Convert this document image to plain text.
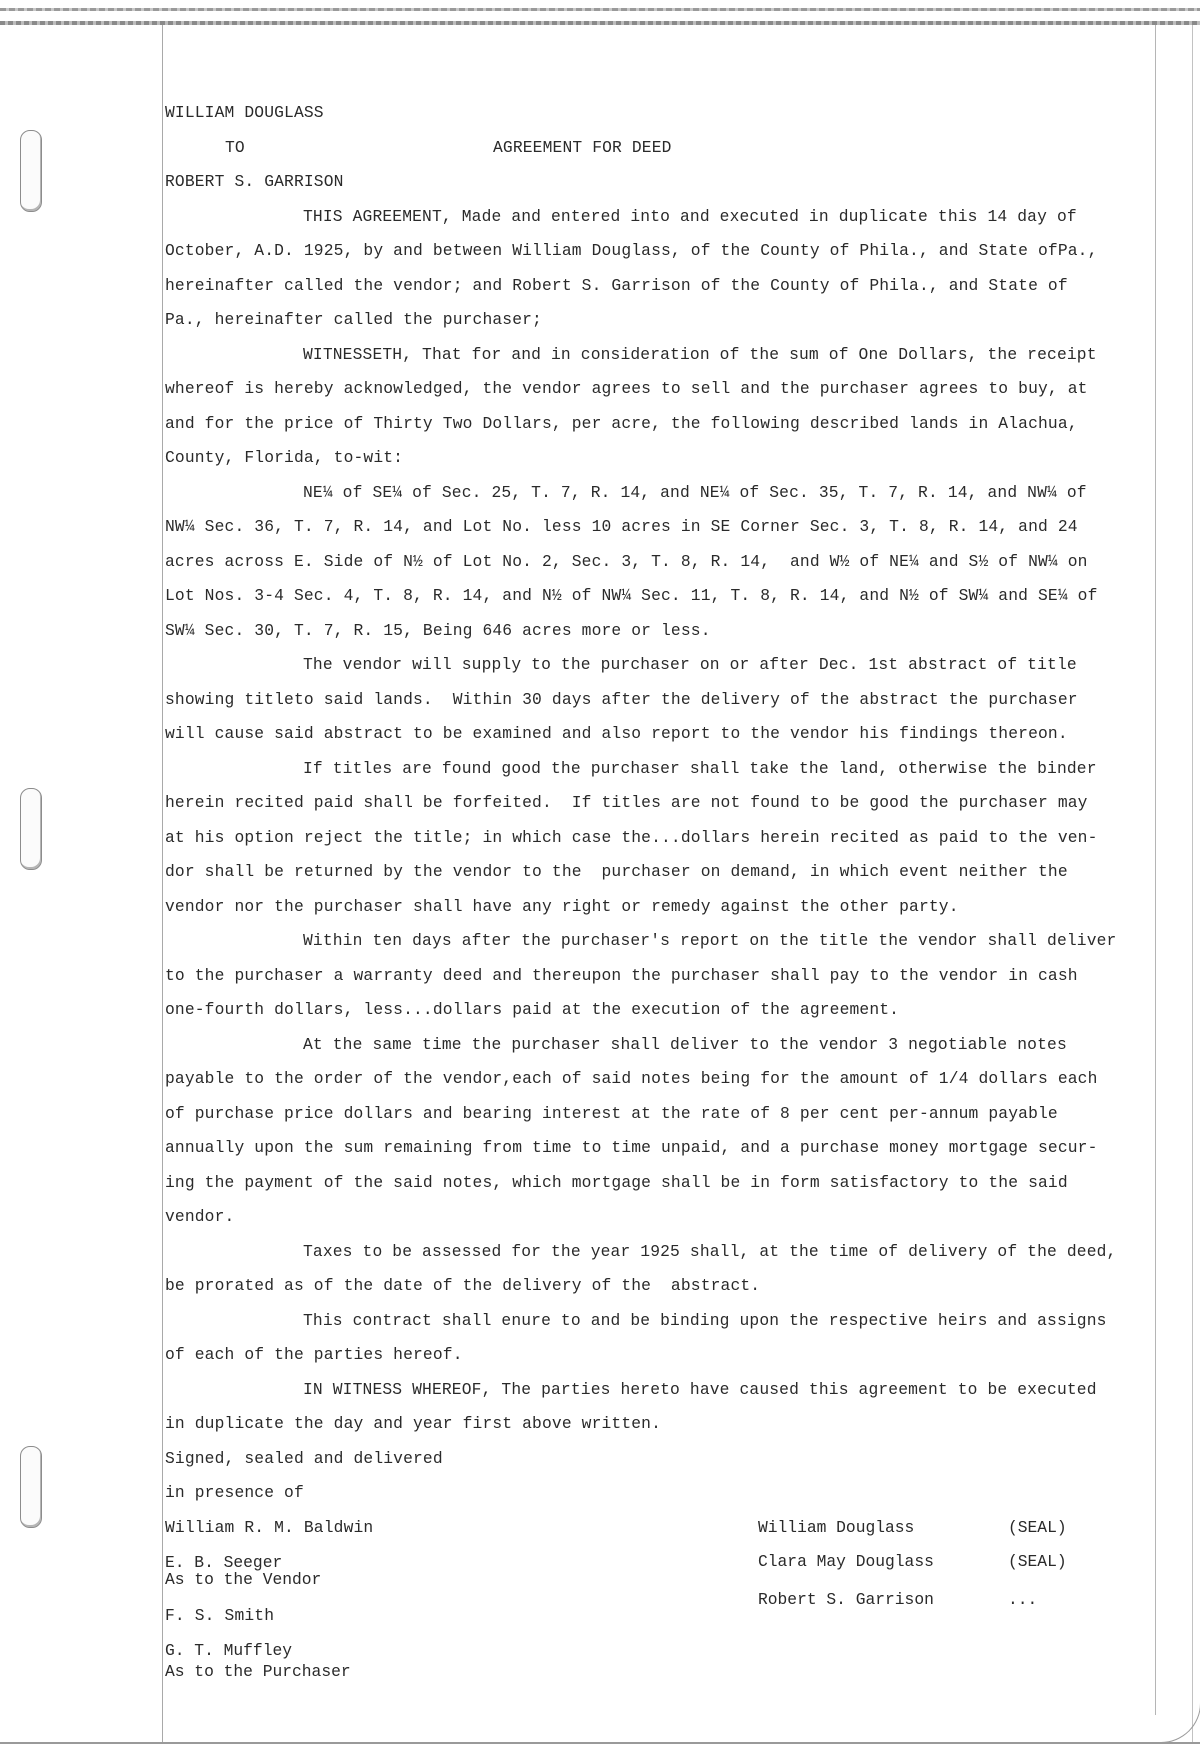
WILLIAM DOUGLASS
TO	AGREEMENT FOR DEED
ROBERT S. GARRISON
THIS AGREEMENT, Made and entered into and executed in duplicate this 14 day of
October, A.D. 1925, by and between William Douglass, of the County of Phila., and State ofPa.,
hereinafter called the vendor; and Robert S. Garrison of the County of Phila., and State of
Pa., hereinafter called the purchaser;
WITNESSETH, That for and in consideration of the sum of One Dollars, the receipt
whereof is hereby acknowledged, the vendor agrees to sell and the purchaser agrees to buy, at
and for the price of Thirty Two Dollars, per acre, the following described lands in Alachua,
County, Florida, to-wit:
NE¼ of SE¼ of Sec. 25, T. 7, R. 14, and NE¼ of Sec. 35, T. 7, R. 14, and NW¼ of
NW¼ Sec. 36, T. 7, R. 14, and Lot No. less 10 acres in SE Corner Sec. 3, T. 8, R. 14, and 24
acres across E. Side of N½ of Lot No. 2, Sec. 3, T. 8, R. 14,  and W½ of NE¼ and S½ of NW¼ on
Lot Nos. 3-4 Sec. 4, T. 8, R. 14, and N½ of NW¼ Sec. 11, T. 8, R. 14, and N½ of SW¼ and SE¼ of
SW¼ Sec. 30, T. 7, R. 15, Being 646 acres more or less.
The vendor will supply to the purchaser on or after Dec. 1st abstract of title
showing titleto said lands.  Within 30 days after the delivery of the abstract the purchaser
will cause said abstract to be examined and also report to the vendor his findings thereon.
If titles are found good the purchaser shall take the land, otherwise the binder
herein recited paid shall be forfeited.  If titles are not found to be good the purchaser may
at his option reject the title; in which case the...dollars herein recited as paid to the ven-
dor shall be returned by the vendor to the  purchaser on demand, in which event neither the
vendor nor the purchaser shall have any right or remedy against the other party.
Within ten days after the purchaser's report on the title the vendor shall deliver
to the purchaser a warranty deed and thereupon the purchaser shall pay to the vendor in cash
one-fourth dollars, less...dollars paid at the execution of the agreement.
At the same time the purchaser shall deliver to the vendor 3 negotiable notes
payable to the order of the vendor,each of said notes being for the amount of 1/4 dollars each
of purchase price dollars and bearing interest at the rate of 8 per cent per-annum payable
annually upon the sum remaining from time to time unpaid, and a purchase money mortgage secur-
ing the payment of the said notes, which mortgage shall be in form satisfactory to the said
vendor.
Taxes to be assessed for the year 1925 shall, at the time of delivery of the deed,
be prorated as of the date of the delivery of the  abstract.
This contract shall enure to and be binding upon the respective heirs and assigns
of each of the parties hereof.
IN WITNESS WHEREOF, The parties hereto have caused this agreement to be executed
in duplicate the day and year first above written.
Signed, sealed and delivered
in presence of
William R. M. Baldwin
E. B. Seeger
As to the Vendor
F. S. Smith
G. T. Muffley
As to the Purchaser
William Douglass	(SEAL)
Clara May Douglass	(SEAL)
Robert S. Garrison	...
